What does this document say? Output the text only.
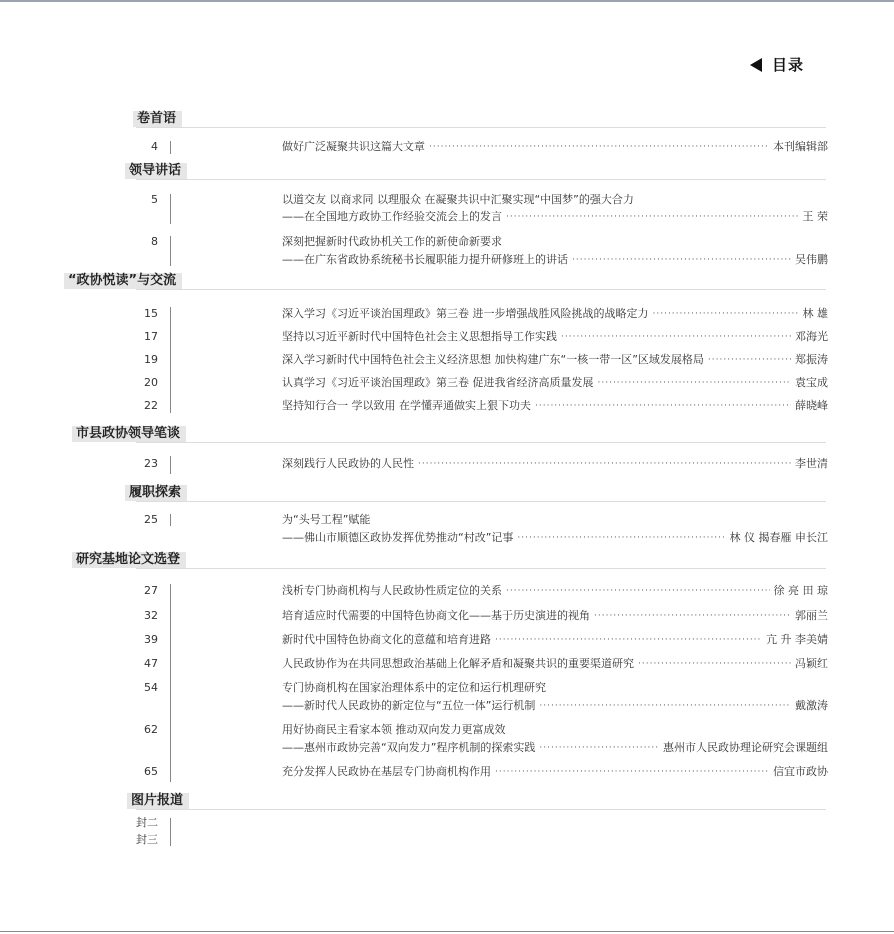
目录
卷首语
4	做好广泛凝聚共识这篇大文章 ·····	本刊编辑部
领导讲话
5	以道交友 以商求同 以理服众 在凝聚共识中汇聚实现“中国梦”的强大合力
——在全国地方政协工作经验交流会上的发言 ·····	王 荣
8	深刻把握新时代政协机关工作的新使命新要求
——在广东省政协系统秘书长履职能力提升研修班上的讲话 ·····	吴伟鹏
“政协悦读”与交流
15	深入学习《习近平谈治国理政》第三卷 进一步增强战胜风险挑战的战略定力 ·····	林 雄
17	坚持以习近平新时代中国特色社会主义思想指导工作实践 ·····	邓海光
19	深入学习新时代中国特色社会主义经济思想 加快构建广东“一核一带一区”区域发展格局 ·····	郑振涛
20	认真学习《习近平谈治国理政》第三卷 促进我省经济高质量发展 ·····	袁宝成
22	坚持知行合一 学以致用 在学懂弄通做实上狠下功夫 ·····	薛晓峰
市县政协领导笔谈
23	深刻践行人民政协的人民性 ·····	李世清
履职探索
25	为“头号工程”赋能
——佛山市顺德区政协发挥优势推动“村改”记事 ·····	林 仪 揭春雁 申长江
研究基地论文选登
27	浅析专门协商机构与人民政协性质定位的关系 ·····	徐 亮 田 琼
32	培育适应时代需要的中国特色协商文化——基于历史演进的视角 ·····	郭丽兰
39	新时代中国特色协商文化的意蕴和培育进路 ·····	亢 升 李美婧
47	人民政协作为在共同思想政治基础上化解矛盾和凝聚共识的重要渠道研究 ·····	冯颖红
54	专门协商机构在国家治理体系中的定位和运行机理研究
——新时代人民政协的新定位与“五位一体”运行机制 ·····	戴激涛
62	用好协商民主看家本领 推动双向发力更富成效
——惠州市政协完善“双向发力”程序机制的探索实践 ·····	惠州市人民政协理论研究会课题组
65	充分发挥人民政协在基层专门协商机构作用 ·····	信宜市政协
图片报道
封二
封三
